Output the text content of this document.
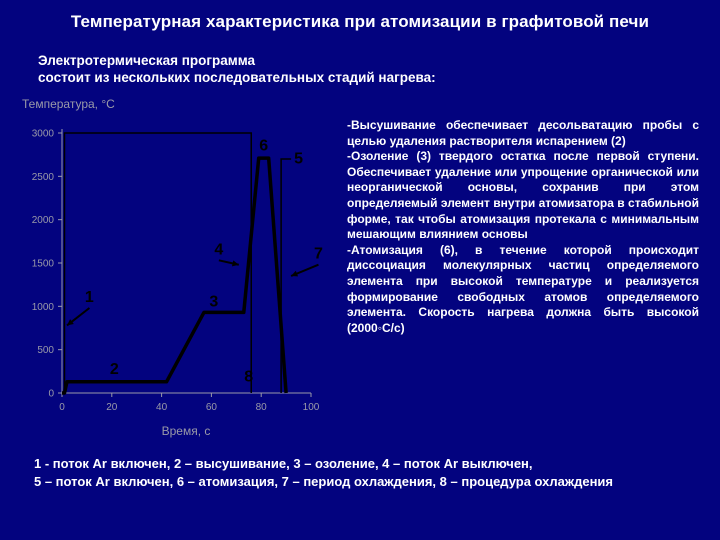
Температурная характеристика при атомизации в графитовой печи
Электротермическая программа
состоит из нескольких последовательных стадий нагрева:
0
500
1000
1500
2000
2500
3000
0	20	40	60	80	100
Температура, °С
Время, с
1
2
3
4
5
6
7
8

-Высушивание обеспечивает десольватацию пробы с целью удаления растворителя испарением (2)

-Озоление (3) твердого остатка после первой ступени. Обеспечивает удаление или упрощение органической или неорганической основы, сохранив при этом определяемый элемент внутри атомизатора в стабильной форме, так чтобы атомизация протекала с минимальным мешающим влиянием основы

-Атомизация (6), в течение которой происходит диссоциация молекулярных частиц определяемого элемента при высокой температуре и реализуется формирование свободных атомов определяемого элемента. Скорость нагрева должна быть высокой (2000◦С/с)

1 - поток Ar включен, 2 – высушивание, 3 – озоление, 4 – поток Ar выключен,

5 – поток Ar включен, 6 – атомизация, 7 – период охлаждения, 8 – процедура охлаждения
